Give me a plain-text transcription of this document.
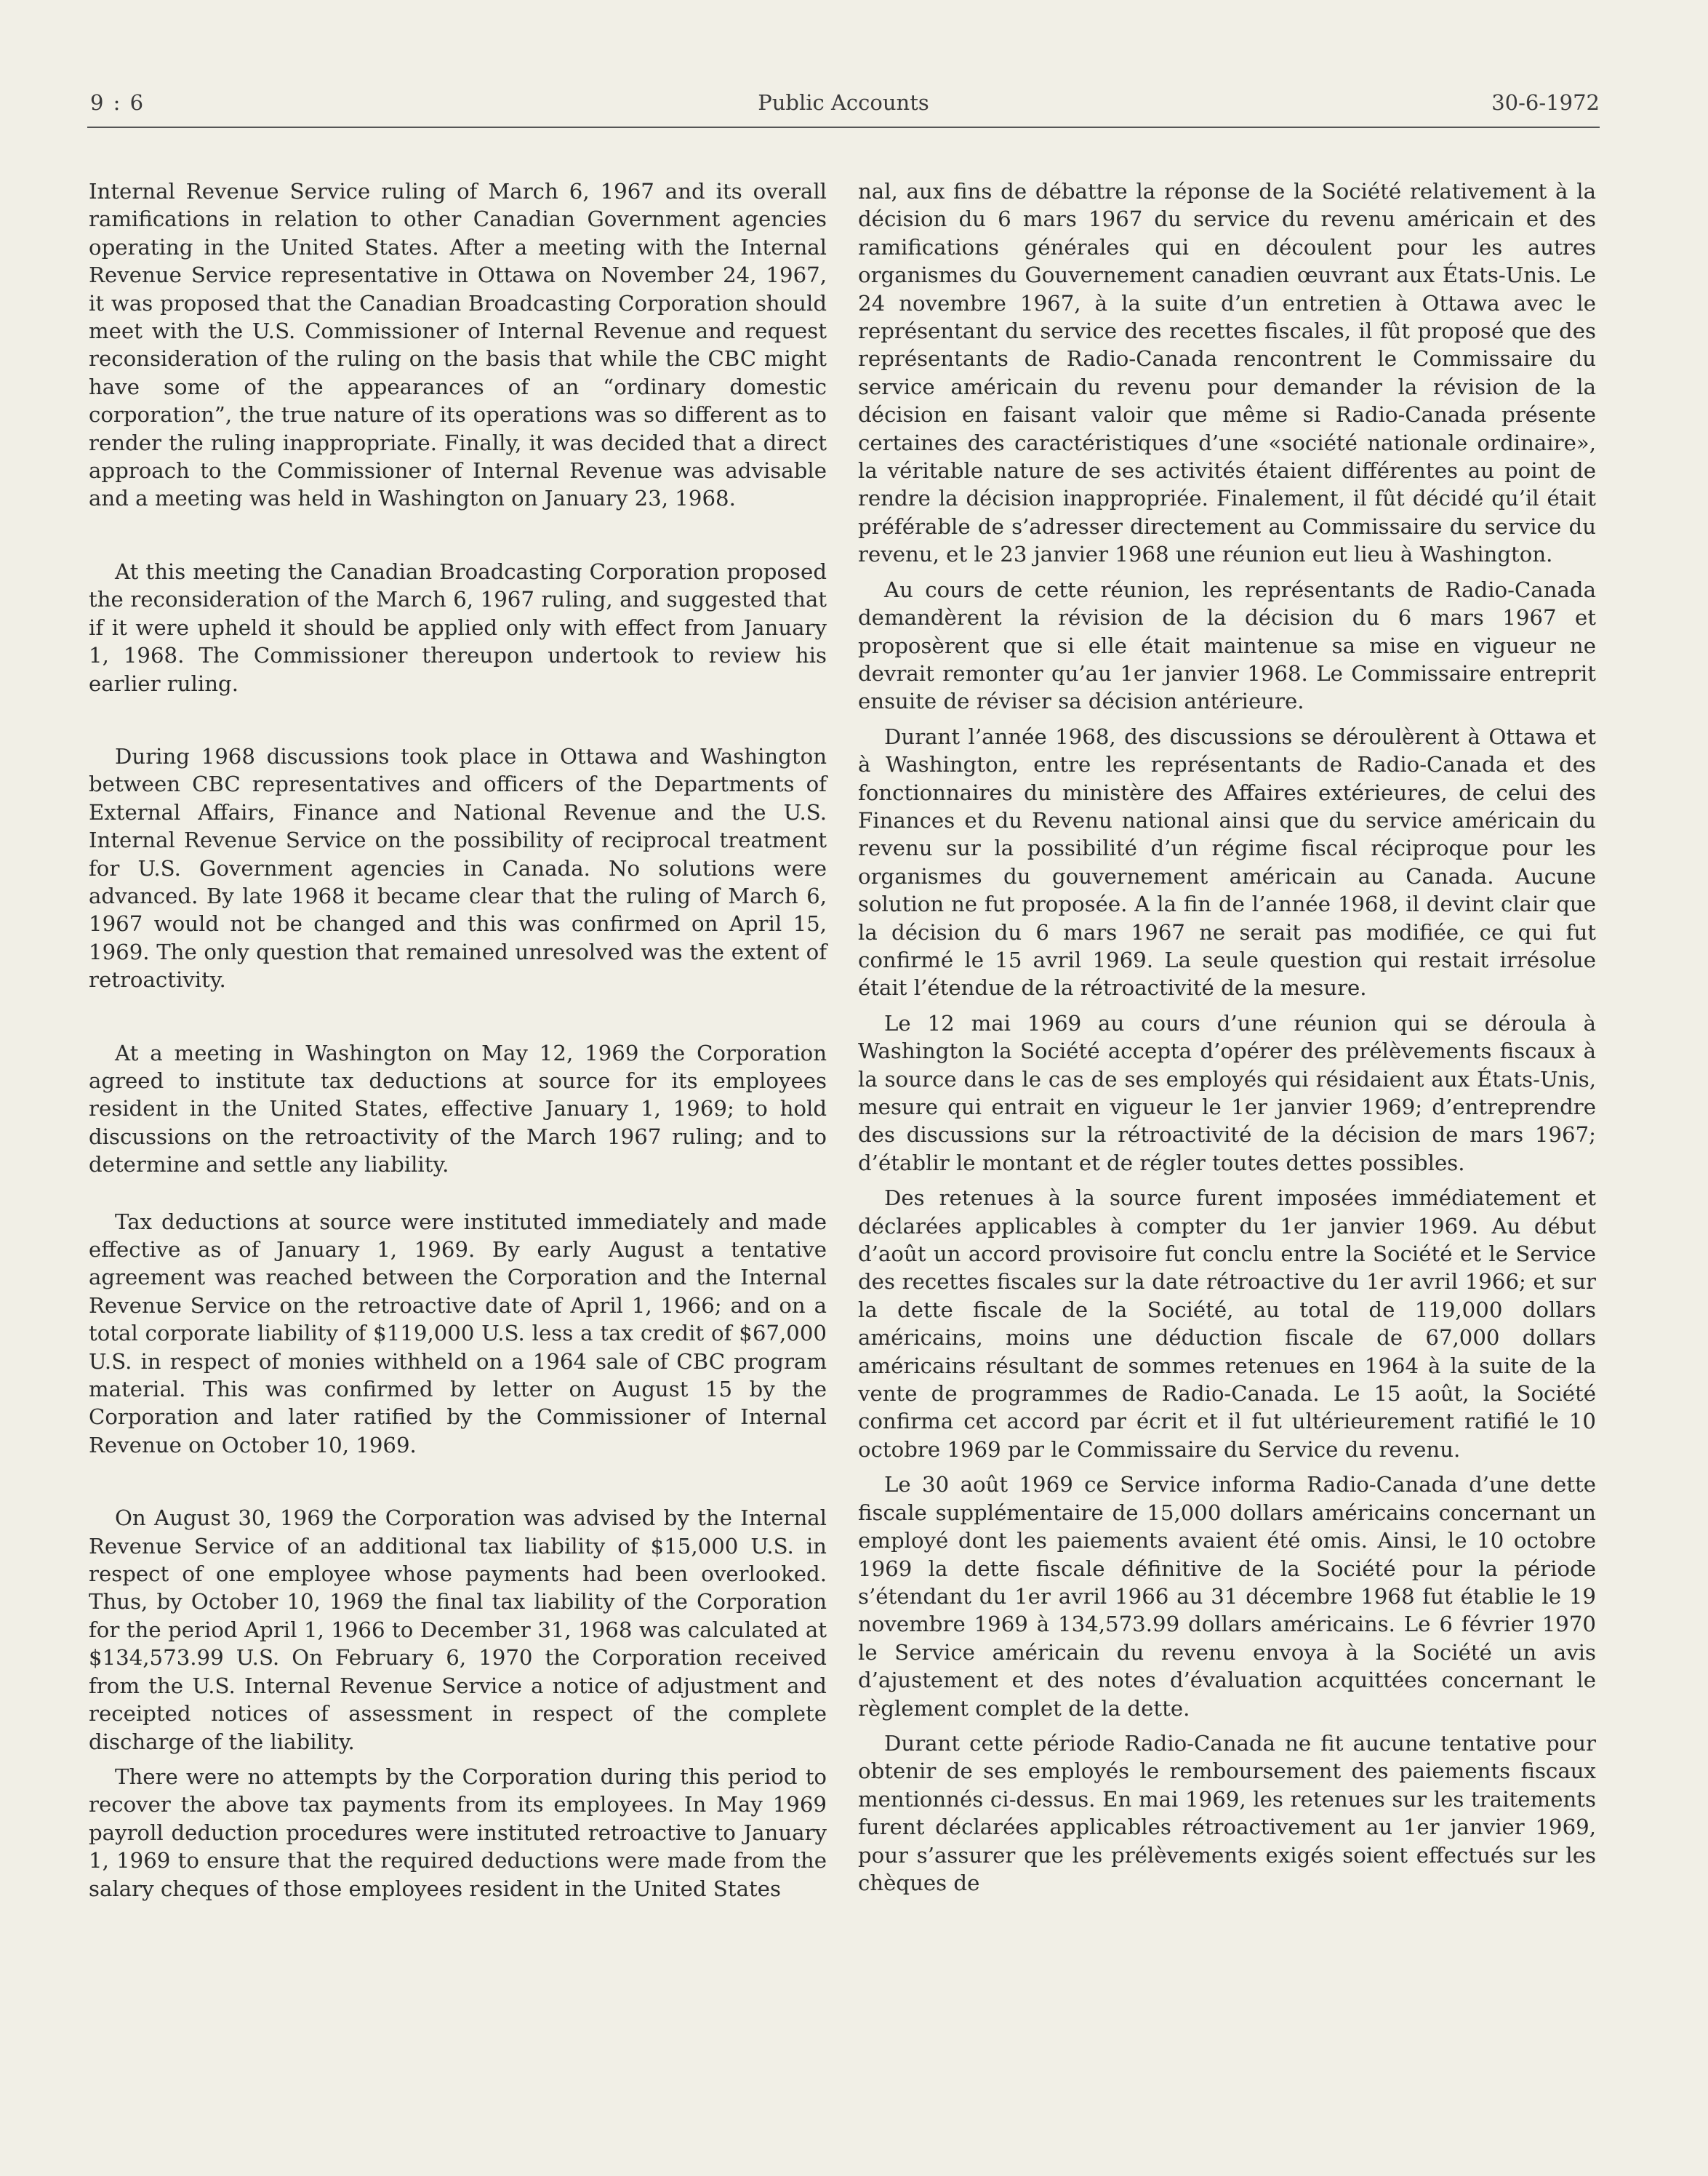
9 : 6	Public Accounts	30-6-1972

Internal Revenue Service ruling of March 6, 1967 and its overall ramifications in relation to other Canadian Government agencies operating in the United States. After a meeting with the Internal Revenue Service representative in Ottawa on November 24, 1967, it was proposed that the Canadian Broadcasting Corporation should meet with the U.S. Commissioner of Internal Revenue and request reconsideration of the ruling on the basis that while the CBC might have some of the appearances of an “ordinary domestic corporation”, the true nature of its operations was so different as to render the ruling inappropriate. Finally, it was decided that a direct approach to the Commissioner of Internal Revenue was advisable and a meeting was held in Washington on January 23, 1968.

At this meeting the Canadian Broadcasting Corporation proposed the reconsideration of the March 6, 1967 ruling, and suggested that if it were upheld it should be applied only with effect from January 1, 1968. The Commissioner thereupon undertook to review his earlier ruling.

During 1968 discussions took place in Ottawa and Washington between CBC representatives and officers of the Departments of External Affairs, Finance and National Revenue and the U.S. Internal Revenue Service on the possibility of reciprocal treatment for U.S. Government agencies in Canada. No solutions were advanced. By late 1968 it became clear that the ruling of March 6, 1967 would not be changed and this was confirmed on April 15, 1969. The only question that remained unresolved was the extent of retroactivity.

At a meeting in Washington on May 12, 1969 the Corporation agreed to institute tax deductions at source for its employees resident in the United States, effective January 1, 1969; to hold discussions on the retroactivity of the March 1967 ruling; and to determine and settle any liability.

Tax deductions at source were instituted immediately and made effective as of January 1, 1969. By early August a tentative agreement was reached between the Corporation and the Internal Revenue Service on the retroactive date of April 1, 1966; and on a total corporate liability of $119,000 U.S. less a tax credit of $67,000 U.S. in respect of monies withheld on a 1964 sale of CBC program material. This was confirmed by letter on August 15 by the Corporation and later ratified by the Commissioner of Internal Revenue on October 10, 1969.

On August 30, 1969 the Corporation was advised by the Internal Revenue Service of an additional tax liability of $15,000 U.S. in respect of one employee whose payments had been overlooked. Thus, by October 10, 1969 the final tax liability of the Corporation for the period April 1, 1966 to December 31, 1968 was calculated at $134,573.99 U.S. On February 6, 1970 the Corporation received from the U.S. Internal Revenue Service a notice of adjustment and receipted notices of assessment in respect of the complete discharge of the liability.

There were no attempts by the Corporation during this period to recover the above tax payments from its employees. In May 1969 payroll deduction procedures were instituted retroactive to January 1, 1969 to ensure that the required deductions were made from the salary cheques of those employees resident in the United States

nal, aux fins de débattre la réponse de la Société relativement à la décision du 6 mars 1967 du service du revenu américain et des ramifications générales qui en découlent pour les autres organismes du Gouvernement canadien œuvrant aux États-Unis. Le 24 novembre 1967, à la suite d’un entretien à Ottawa avec le représentant du service des recettes fiscales, il fût proposé que des représentants de Radio-Canada rencontrent le Commissaire du service américain du revenu pour demander la révision de la décision en faisant valoir que même si Radio-Canada présente certaines des caractéristiques d’une «société nationale ordinaire», la véritable nature de ses activités étaient différentes au point de rendre la décision inappropriée. Finalement, il fût décidé qu’il était préférable de s’adresser directement au Commissaire du service du revenu, et le 23 janvier 1968 une réunion eut lieu à Washington.

Au cours de cette réunion, les représentants de Radio-Canada demandèrent la révision de la décision du 6 mars 1967 et proposèrent que si elle était maintenue sa mise en vigueur ne devrait remonter qu’au 1er janvier 1968. Le Commissaire entreprit ensuite de réviser sa décision antérieure.

Durant l’année 1968, des discussions se déroulèrent à Ottawa et à Washington, entre les représentants de Radio-Canada et des fonctionnaires du ministère des Affaires extérieures, de celui des Finances et du Revenu national ainsi que du service américain du revenu sur la possibilité d’un régime fiscal réciproque pour les organismes du gouvernement américain au Canada. Aucune solution ne fut proposée. A la fin de l’année 1968, il devint clair que la décision du 6 mars 1967 ne serait pas modifiée, ce qui fut confirmé le 15 avril 1969. La seule question qui restait irrésolue était l’étendue de la rétroactivité de la mesure.

Le 12 mai 1969 au cours d’une réunion qui se déroula à Washington la Société accepta d’opérer des prélèvements fiscaux à la source dans le cas de ses employés qui résidaient aux États-Unis, mesure qui entrait en vigueur le 1er janvier 1969; d’entreprendre des discussions sur la rétroactivité de la décision de mars 1967; d’établir le montant et de régler toutes dettes possibles.

Des retenues à la source furent imposées immédiatement et déclarées applicables à compter du 1er janvier 1969. Au début d’août un accord provisoire fut conclu entre la Société et le Service des recettes fiscales sur la date rétroactive du 1er avril 1966; et sur la dette fiscale de la Société, au total de 119,000 dollars américains, moins une déduction fiscale de 67,000 dollars américains résultant de sommes retenues en 1964 à la suite de la vente de programmes de Radio-Canada. Le 15 août, la Société confirma cet accord par écrit et il fut ultérieurement ratifié le 10 octobre 1969 par le Commissaire du Service du revenu.

Le 30 août 1969 ce Service informa Radio-Canada d’une dette fiscale supplémentaire de 15,000 dollars américains concernant un employé dont les paiements avaient été omis. Ainsi, le 10 octobre 1969 la dette fiscale définitive de la Société pour la période s’étendant du 1er avril 1966 au 31 décembre 1968 fut établie le 19 novembre 1969 à 134,573.99 dollars américains. Le 6 février 1970 le Service américain du revenu envoya à la Société un avis d’ajustement et des notes d’évaluation acquittées concernant le règlement complet de la dette.

Durant cette période Radio-Canada ne fit aucune tentative pour obtenir de ses employés le remboursement des paiements fiscaux mentionnés ci-dessus. En mai 1969, les retenues sur les traitements furent déclarées applicables rétroactivement au 1er janvier 1969, pour s’assurer que les prélèvements exigés soient effectués sur les chèques de
